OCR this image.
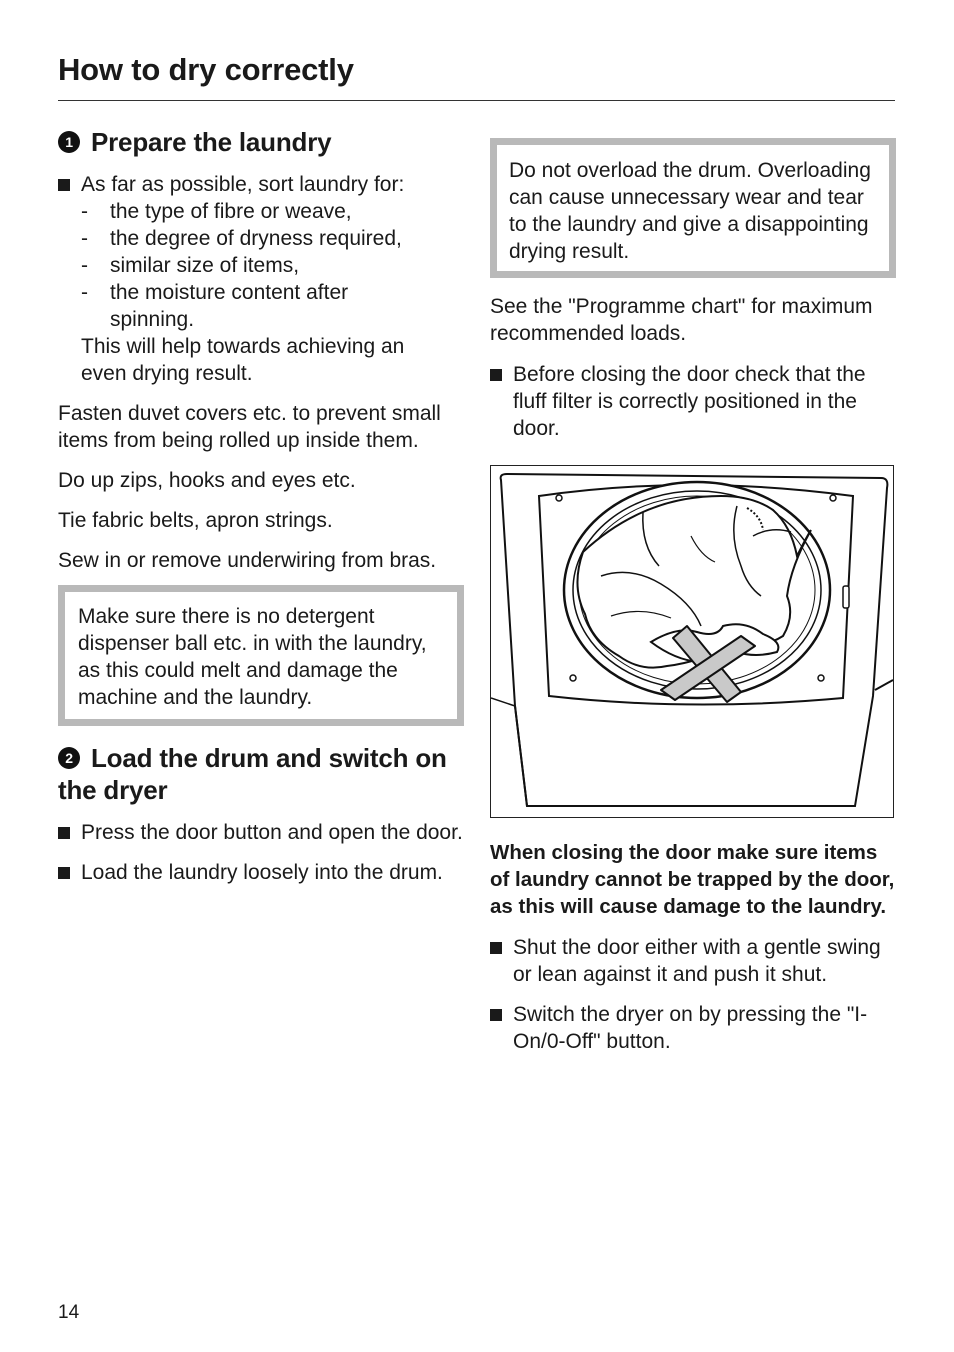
How to dry correctly
1 Prepare the laundry
As far as possible, sort laundry for:
- the type of fibre or weave,
- the degree of dryness required,
- similar size of items,
- the moisture content after spinning.
This will help towards achieving an even drying result.

Fasten duvet covers etc. to prevent small items from being rolled up inside them.

Do up zips, hooks and eyes etc.

Tie fabric belts, apron strings.

Sew in or remove underwiring from bras.

Make sure there is no detergent dispenser ball etc. in with the laundry, as this could melt and damage the machine and the laundry.
2 Load the drum and switch on the dryer
Press the door button and open the door.
Load the laundry loosely into the drum.
Do not overload the drum. Overloading can cause unnecessary wear and tear to the laundry and give a disappointing drying result.

See the "Programme chart" for maximum recommended loads.

Before closing the door check that the fluff filter is correctly positioned in the door.
When closing the door make sure items of laundry cannot be trapped by the door, as this will cause damage to the laundry.
Shut the door either with a gentle swing or lean against it and push it shut.
Switch the dryer on by pressing the "I-On/0-Off" button.
14
